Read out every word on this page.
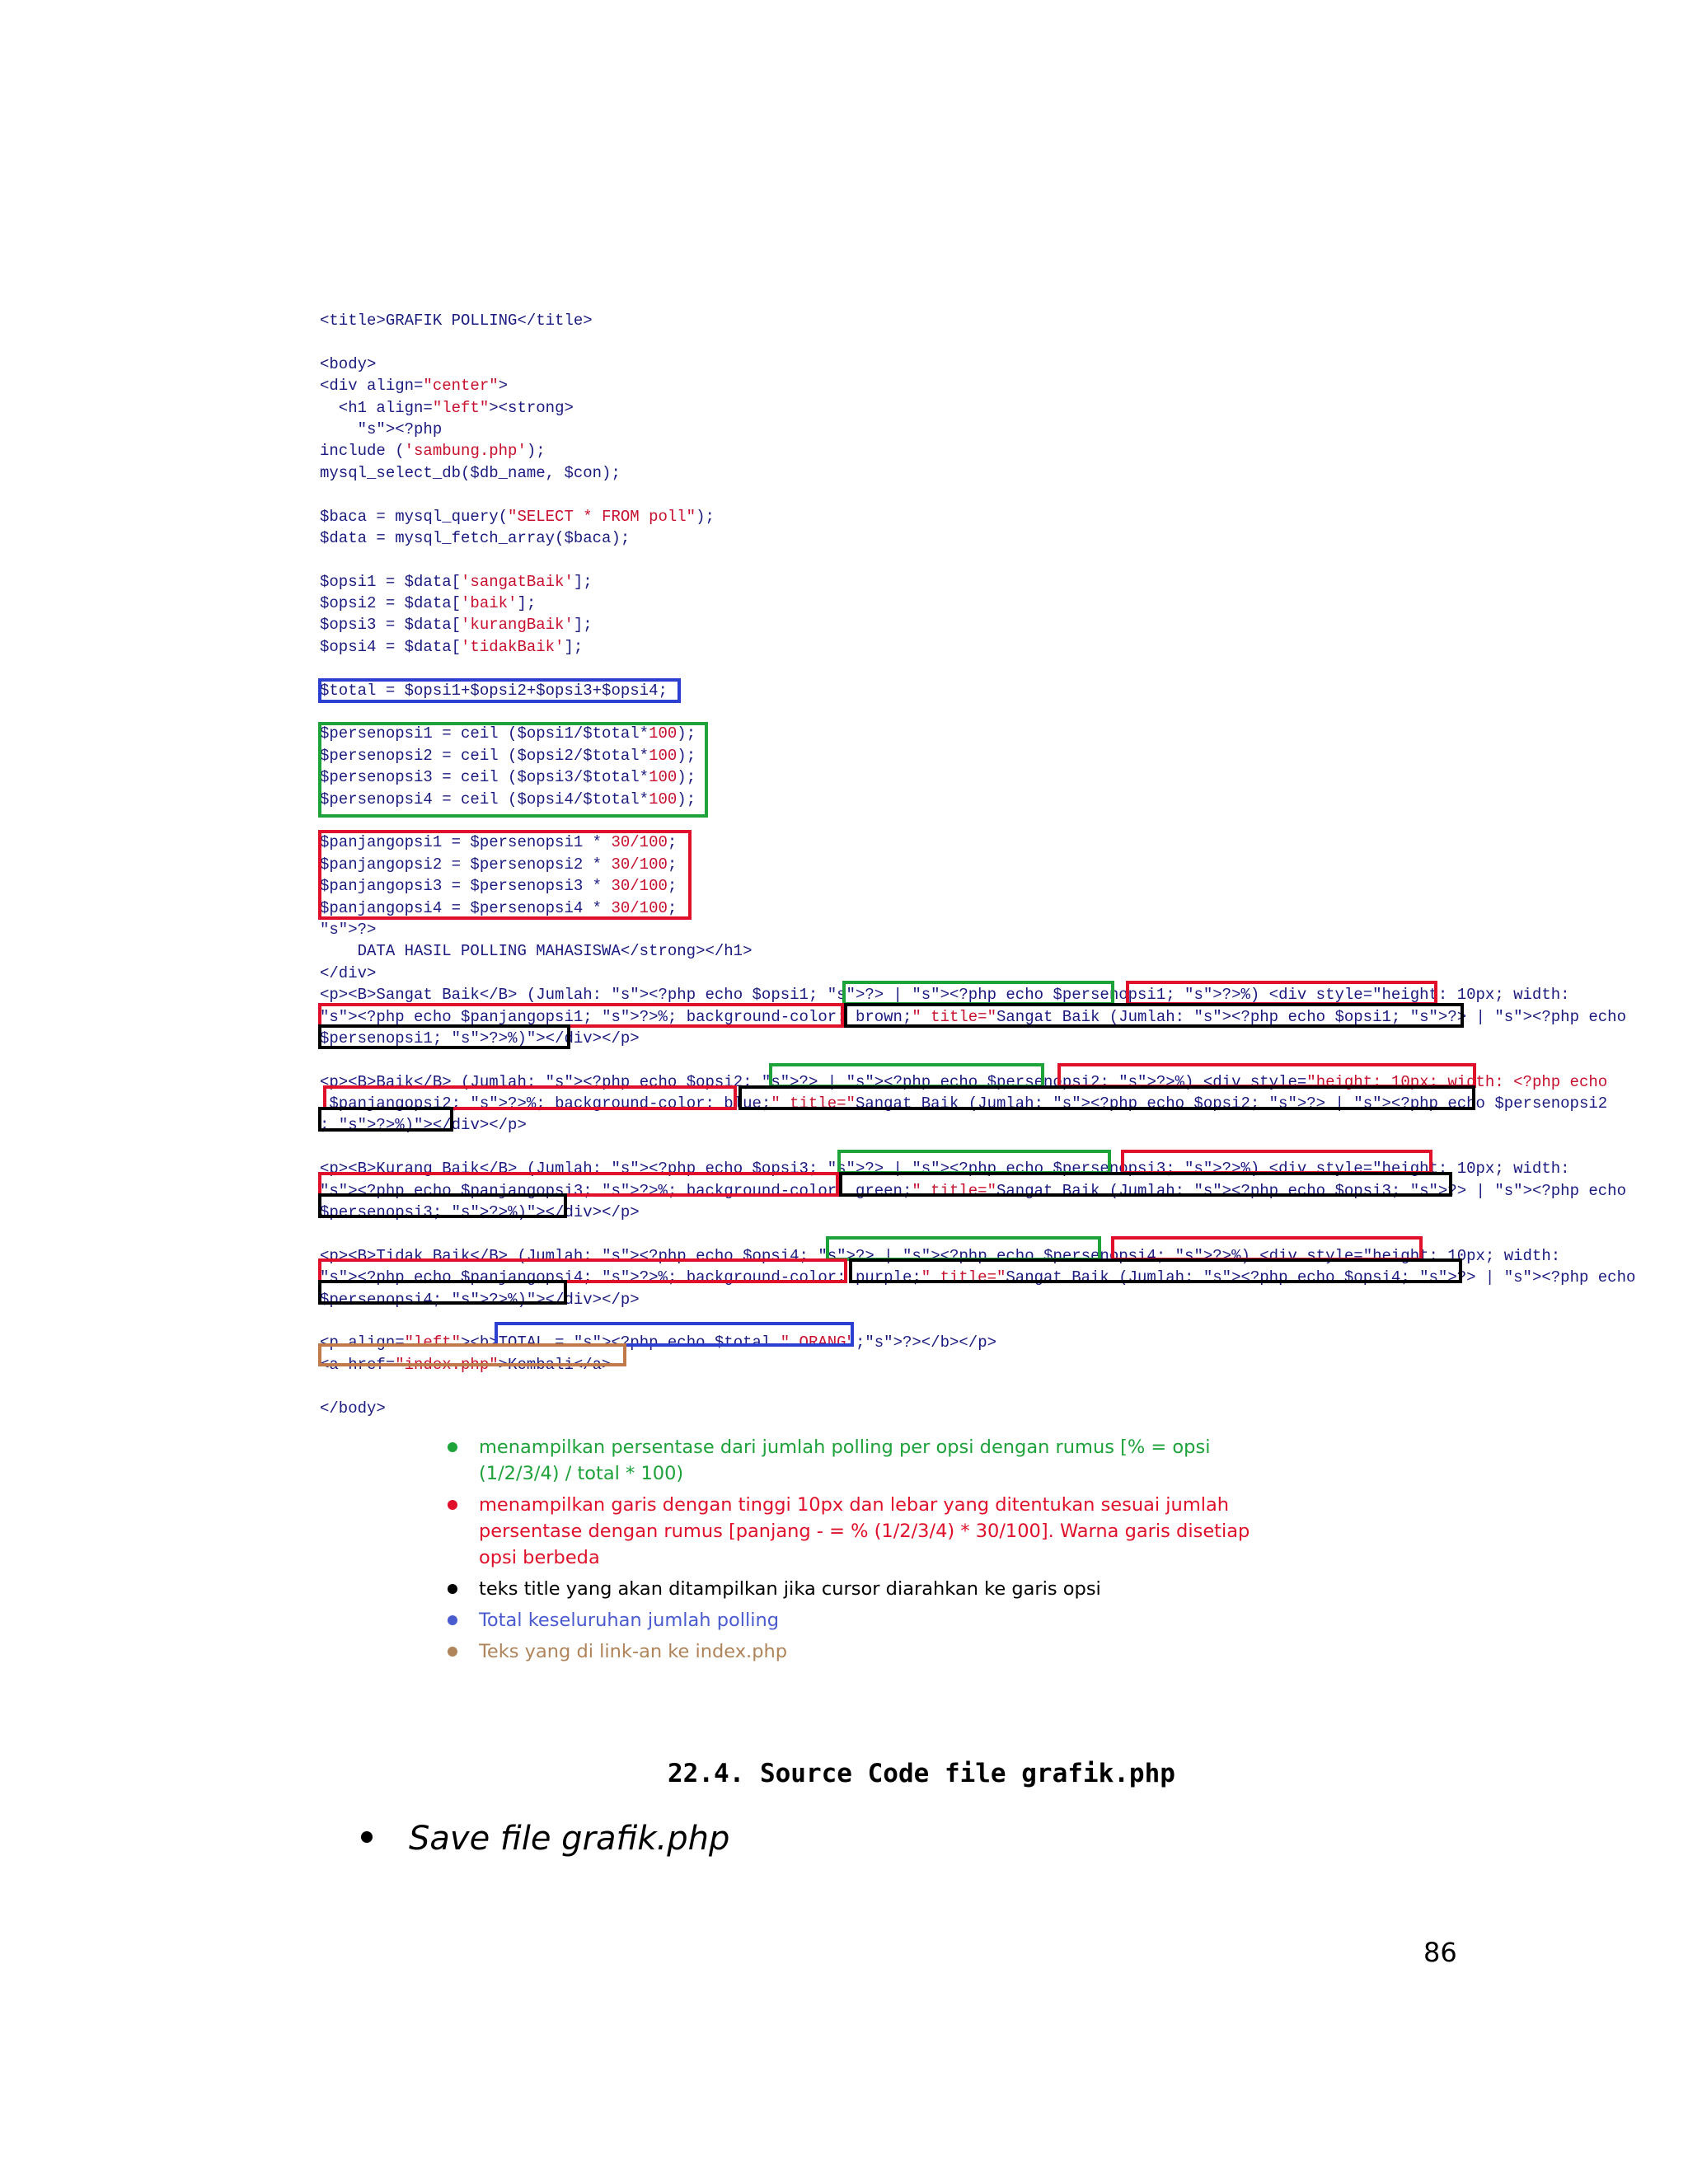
<title>GRAFIK POLLING</title>
<body>
<div align="center">
<h1 align="left"><strong>
"s"><?php
include ('sambung.php');
mysql_select_db($db_name, $con);
$baca = mysql_query("SELECT * FROM poll");
$data = mysql_fetch_array($baca);
$opsi1 = $data['sangatBaik'];
$opsi2 = $data['baik'];
$opsi3 = $data['kurangBaik'];
$opsi4 = $data['tidakBaik'];
$total = $opsi1+$opsi2+$opsi3+$opsi4;
$persenopsi1 = ceil ($opsi1/$total*100);
$persenopsi2 = ceil ($opsi2/$total*100);
$persenopsi3 = ceil ($opsi3/$total*100);
$persenopsi4 = ceil ($opsi4/$total*100);
$panjangopsi1 = $persenopsi1 * 30/100;
$panjangopsi2 = $persenopsi2 * 30/100;
$panjangopsi3 = $persenopsi3 * 30/100;
$panjangopsi4 = $persenopsi4 * 30/100;
"s">?>
DATA HASIL POLLING MAHASISWA</strong></h1>
</div>
<p><B>Sangat Baik</B> (Jumlah: "s"><?php echo $opsi1; "s">?> | "s"><?php echo $persenopsi1; "s">?>%) <div style="height: 10px; width:
"s"><?php echo $panjangopsi1; "s">?>%; background-color: brown;" title="Sangat Baik (Jumlah: "s"><?php echo $opsi1; "s">?> | "s"><?php echo
$persenopsi1; "s">?>%)"></div></p>
<p><B>Baik</B> (Jumlah: "s"><?php echo $opsi2; "s">?> | "s"><?php echo $persenopsi2; "s">?>%) <div style="height: 10px; width: <?php echo
$panjangopsi2; "s">?>%; background-color: blue;" title="Sangat Baik (Jumlah: "s"><?php echo $opsi2; "s">?> | "s"><?php echo $persenopsi2
; "s">?>%)"></div></p>
<p><B>Kurang Baik</B> (Jumlah: "s"><?php echo $opsi3; "s">?> | "s"><?php echo $persenopsi3; "s">?>%) <div style="height: 10px; width:
"s"><?php echo $panjangopsi3; "s">?>%; background-color: green;" title="Sangat Baik (Jumlah: "s"><?php echo $opsi3; "s">?> | "s"><?php echo
$persenopsi3; "s">?>%)"></div></p>
<p><B>Tidak Baik</B> (Jumlah: "s"><?php echo $opsi4; "s">?> | "s"><?php echo $persenopsi4; "s">?>%) <div style="height: 10px; width:
"s"><?php echo $panjangopsi4; "s">?>%; background-color: purple;" title="Sangat Baik (Jumlah: "s"><?php echo $opsi4; "s">?> | "s"><?php echo
$persenopsi4; "s">?>%)"></div></p>
<p align="left"><b>TOTAL = "s"><?php echo $total." ORANG";"s">?></b></p>
<a href="index.php">Kembali</a>
</body>
menampilkan persentase dari jumlah polling per opsi dengan rumus [% = opsi (1/2/3/4) / total * 100)
menampilkan garis dengan tinggi 10px dan lebar yang ditentukan sesuai jumlah persentase dengan rumus [panjang - = % (1/2/3/4) * 30/100]. Warna garis disetiap opsi berbeda
teks title yang akan ditampilkan jika cursor diarahkan ke garis opsi
Total keseluruhan jumlah polling
Teks yang di link-an ke index.php
22.4. Source Code file grafik.php
Save file grafik.php
86
